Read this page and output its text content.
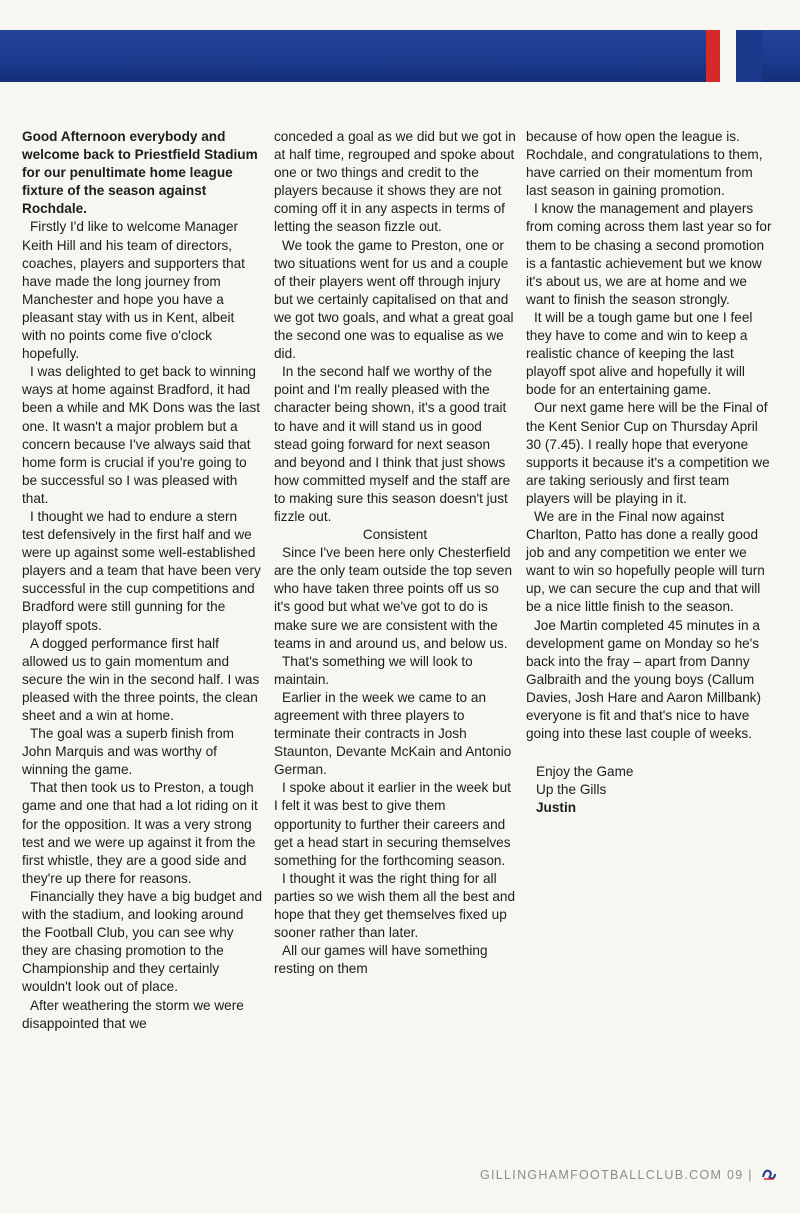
Good Afternoon everybody and welcome back to Priestfield Stadium for our penultimate home league fixture of the season against Rochdale.

Firstly I'd like to welcome Manager Keith Hill and his team of directors, coaches, players and supporters that have made the long journey from Manchester and hope you have a pleasant stay with us in Kent, albeit with no points come five o'clock hopefully.

I was delighted to get back to winning ways at home against Bradford, it had been a while and MK Dons was the last one. It wasn't a major problem but a concern because I've always said that home form is crucial if you're going to be successful so I was pleased with that.

I thought we had to endure a stern test defensively in the first half and we were up against some well-established players and a team that have been very successful in the cup competitions and Bradford were still gunning for the playoff spots.

A dogged performance first half allowed us to gain momentum and secure the win in the second half. I was pleased with the three points, the clean sheet and a win at home.

The goal was a superb finish from John Marquis and was worthy of winning the game.

That then took us to Preston, a tough game and one that had a lot riding on it for the opposition. It was a very strong test and we were up against it from the first whistle, they are a good side and they're up there for reasons.

Financially they have a big budget and with the stadium, and looking around the Football Club, you can see why they are chasing promotion to the Championship and they certainly wouldn't look out of place.

After weathering the storm we were disappointed that we

conceded a goal as we did but we got in at half time, regrouped and spoke about one or two things and credit to the players because it shows they are not coming off it in any aspects in terms of letting the season fizzle out.

We took the game to Preston, one or two situations went for us and a couple of their players went off through injury but we certainly capitalised on that and we got two goals, and what a great goal the second one was to equalise as we did.

In the second half we worthy of the point and I'm really pleased with the character being shown, it's a good trait to have and it will stand us in good stead going forward for next season and beyond and I think that just shows how committed myself and the staff are to making sure this season doesn't just fizzle out.

Consistent

Since I've been here only Chesterfield are the only team outside the top seven who have taken three points off us so it's good but what we've got to do is make sure we are consistent with the teams in and around us, and below us.

That's something we will look to maintain.

Earlier in the week we came to an agreement with three players to terminate their contracts in Josh Staunton, Devante McKain and Antonio German.

I spoke about it earlier in the week but I felt it was best to give them opportunity to further their careers and get a head start in securing themselves something for the forthcoming season.

I thought it was the right thing for all parties so we wish them all the best and hope that they get themselves fixed up sooner rather than later.

All our games will have something resting on them

because of how open the league is. Rochdale, and congratulations to them, have carried on their momentum from last season in gaining promotion.

I know the management and players from coming across them last year so for them to be chasing a second promotion is a fantastic achievement but we know it's about us, we are at home and we want to finish the season strongly.

It will be a tough game but one I feel they have to come and win to keep a realistic chance of keeping the last playoff spot alive and hopefully it will bode for an entertaining game.

Our next game here will be the Final of the Kent Senior Cup on Thursday April 30 (7.45). I really hope that everyone supports it because it's a competition we are taking seriously and first team players will be playing in it.

We are in the Final now against Charlton, Patto has done a really good job and any competition we enter we want to win so hopefully people will turn up, we can secure the cup and that will be a nice little finish to the season.

Joe Martin completed 45 minutes in a development game on Monday so he's back into the fray – apart from Danny Galbraith and the young boys (Callum Davies, Josh Hare and Aaron Millbank) everyone is fit and that's nice to have going into these last couple of weeks.

Enjoy the Game
Up the Gills
Justin
GILLINGHAMFOOTBALLCLUB.COM 09 |
